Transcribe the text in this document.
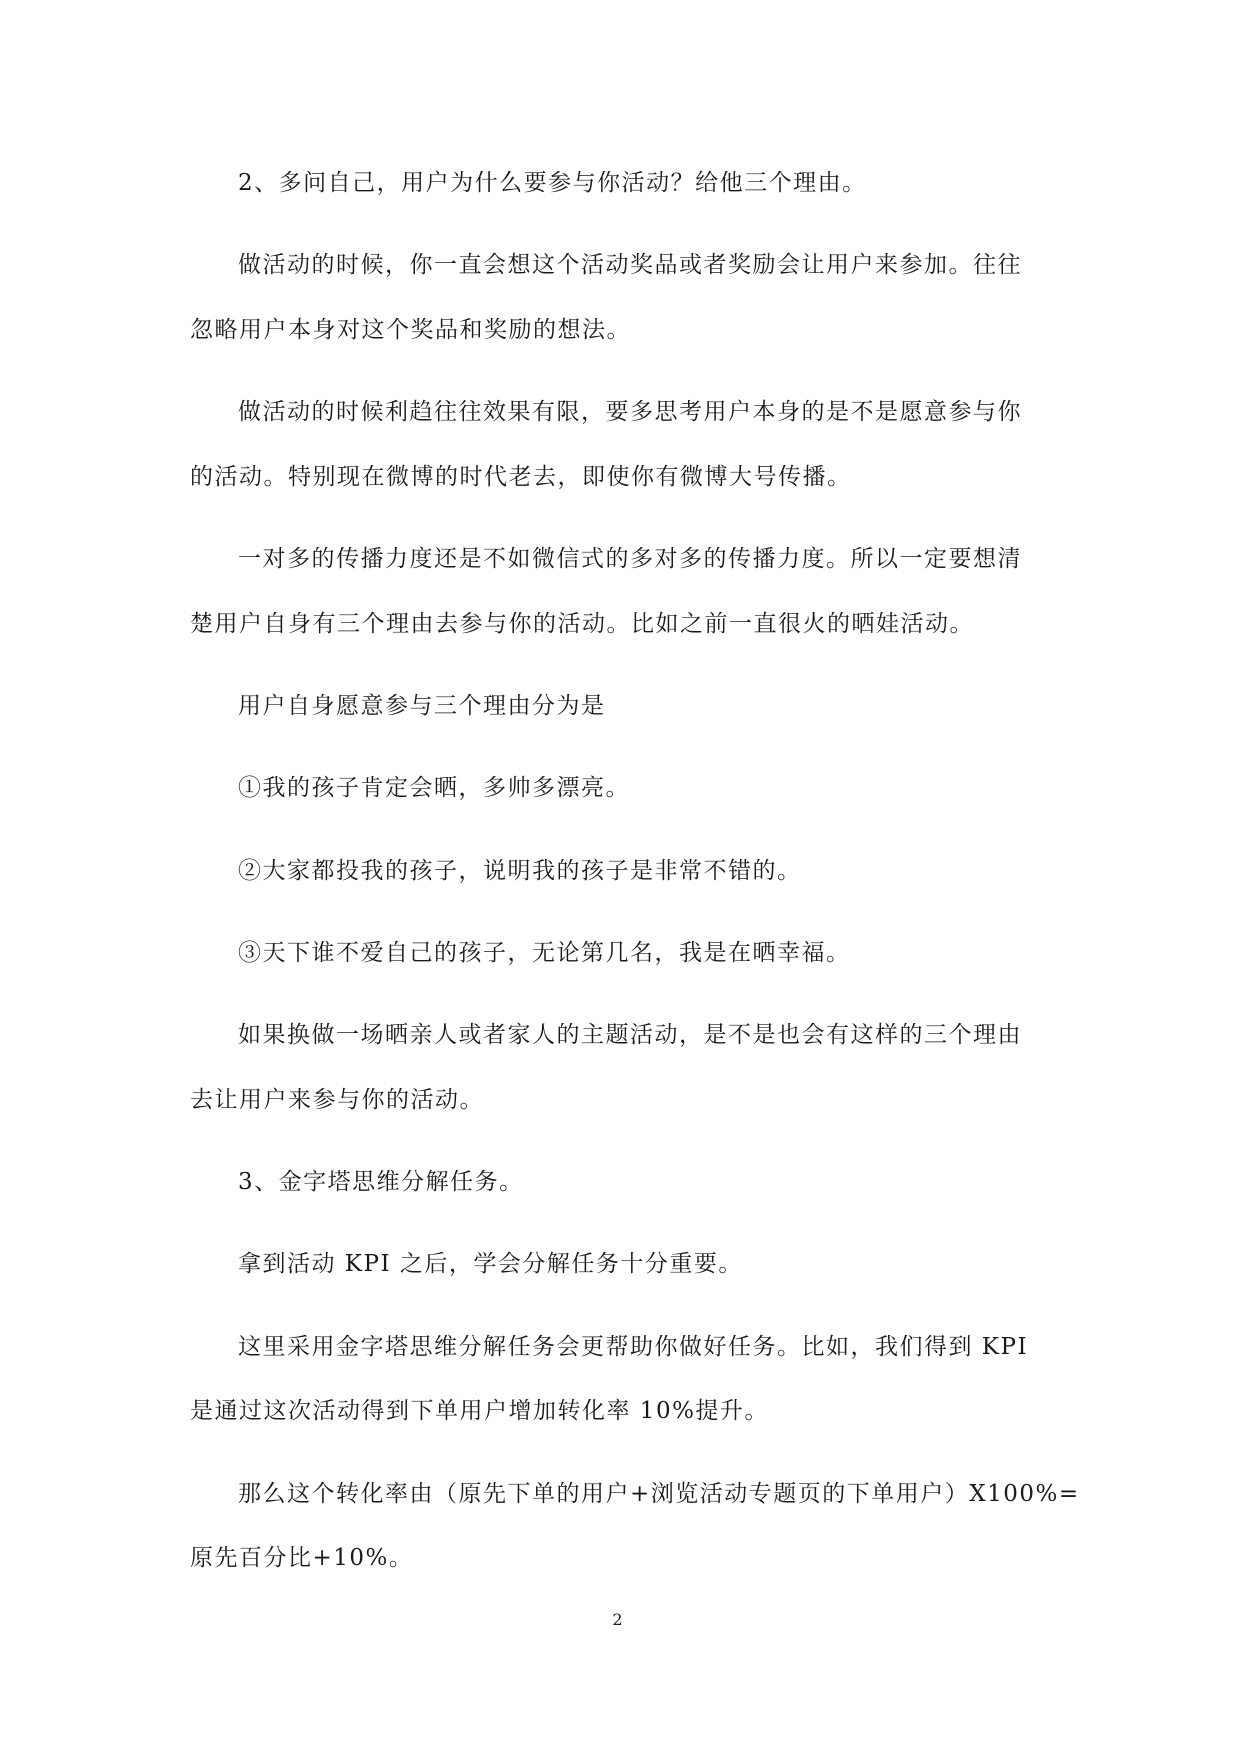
2、多问自己，用户为什么要参与你活动？给他三个理由。
做活动的时候，你一直会想这个活动奖品或者奖励会让用户来参加。往往
忽略用户本身对这个奖品和奖励的想法。
做活动的时候利趋往往效果有限，要多思考用户本身的是不是愿意参与你
的活动。特别现在微博的时代老去，即使你有微博大号传播。
一对多的传播力度还是不如微信式的多对多的传播力度。所以一定要想清
楚用户自身有三个理由去参与你的活动。比如之前一直很火的晒娃活动。
用户自身愿意参与三个理由分为是
①我的孩子肯定会晒，多帅多漂亮。
②大家都投我的孩子，说明我的孩子是非常不错的。
③天下谁不爱自己的孩子，无论第几名，我是在晒幸福。
如果换做一场晒亲人或者家人的主题活动，是不是也会有这样的三个理由
去让用户来参与你的活动。
3、金字塔思维分解任务。
拿到活动 KPI 之后，学会分解任务十分重要。
这里采用金字塔思维分解任务会更帮助你做好任务。比如，我们得到 KPI
是通过这次活动得到下单用户增加转化率 10%提升。
那么这个转化率由（原先下单的用户+浏览活动专题页的下单用户）X100%=
原先百分比+10%。
2
